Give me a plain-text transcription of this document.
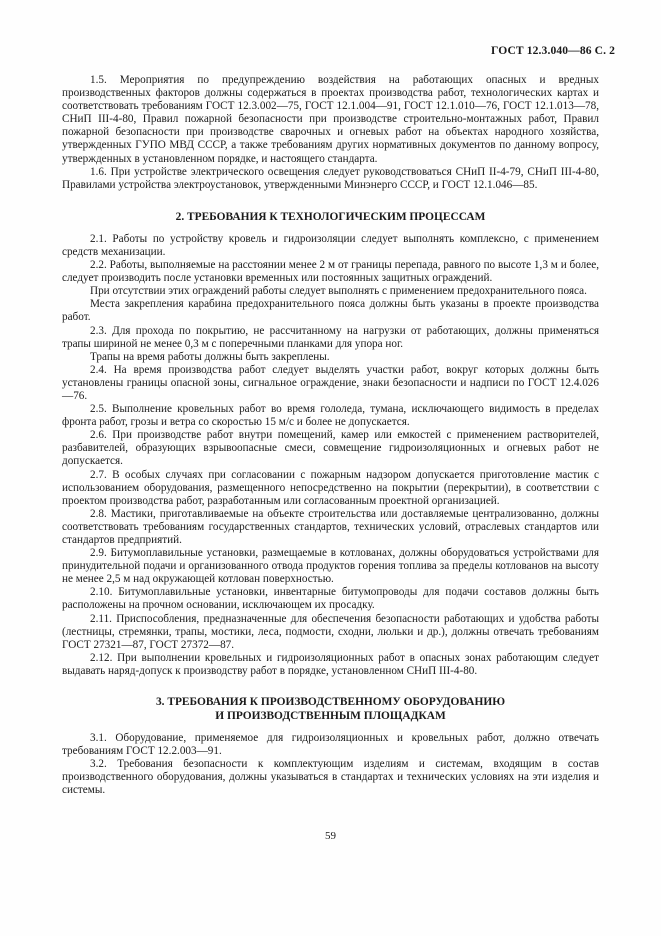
ГОСТ 12.3.040—86 С. 2

1.5. Мероприятия по предупреждению воздействия на работающих опасных и вредных производственных факторов должны содержаться в проектах производства работ, технологических картах и соответствовать требованиям ГОСТ 12.3.002—75, ГОСТ 12.1.004—91, ГОСТ 12.1.010—76, ГОСТ 12.1.013—78, СНиП III-4-80, Правил пожарной безопасности при производстве строительно-монтажных работ, Правил пожарной безопасности при производстве сварочных и огневых работ на объектах народного хозяйства, утвержденных ГУПО МВД СССР, а также требованиям других нормативных документов по данному вопросу, утвержденных в установленном порядке, и настоящего стандарта.

1.6. При устройстве электрического освещения следует руководствоваться СНиП II-4-79, СНиП III-4-80, Правилами устройства электроустановок, утвержденными Минэнерго СССР, и ГОСТ 12.1.046—85.

2. ТРЕБОВАНИЯ К ТЕХНОЛОГИЧЕСКИМ ПРОЦЕССАМ

2.1. Работы по устройству кровель и гидроизоляции следует выполнять комплексно, с применением средств механизации.

2.2. Работы, выполняемые на расстоянии менее 2 м от границы перепада, равного по высоте 1,3 м и более, следует производить после установки временных или постоянных защитных ограждений.

При отсутствии этих ограждений работы следует выполнять с применением предохранительного пояса.

Места закрепления карабина предохранительного пояса должны быть указаны в проекте производства работ.

2.3. Для прохода по покрытию, не рассчитанному на нагрузки от работающих, должны применяться трапы шириной не менее 0,3 м с поперечными планками для упора ног.

Трапы на время работы должны быть закреплены.

2.4. На время производства работ следует выделять участки работ, вокруг которых должны быть установлены границы опасной зоны, сигнальное ограждение, знаки безопасности и надписи по ГОСТ 12.4.026—76.

2.5. Выполнение кровельных работ во время гололеда, тумана, исключающего видимость в пределах фронта работ, грозы и ветра со скоростью 15 м/с и более не допускается.

2.6. При производстве работ внутри помещений, камер или емкостей с применением растворителей, разбавителей, образующих взрывоопасные смеси, совмещение гидроизоляционных и огневых работ не допускается.

2.7. В особых случаях при согласовании с пожарным надзором допускается приготовление мастик с использованием оборудования, размещенного непосредственно на покрытии (перекрытии), в соответствии с проектом производства работ, разработанным или согласованным проектной организацией.

2.8. Мастики, приготавливаемые на объекте строительства или доставляемые централизованно, должны соответствовать требованиям государственных стандартов, технических условий, отраслевых стандартов или стандартов предприятий.

2.9. Битумоплавильные установки, размещаемые в котлованах, должны оборудоваться устройствами для принудительной подачи и организованного отвода продуктов горения топлива за пределы котлованов на высоту не менее 2,5 м над окружающей котлован поверхностью.

2.10. Битумоплавильные установки, инвентарные битумопроводы для подачи составов должны быть расположены на прочном основании, исключающем их просадку.

2.11. Приспособления, предназначенные для обеспечения безопасности работающих и удобства работы (лестницы, стремянки, трапы, мостики, леса, подмости, сходни, люльки и др.), должны отвечать требованиям ГОСТ 27321—87, ГОСТ 27372—87.

2.12. При выполнении кровельных и гидроизоляционных работ в опасных зонах работающим следует выдавать наряд-допуск к производству работ в порядке, установленном СНиП III-4-80.

3. ТРЕБОВАНИЯ К ПРОИЗВОДСТВЕННОМУ ОБОРУДОВАНИЮ
И ПРОИЗВОДСТВЕННЫМ ПЛОЩАДКАМ

3.1. Оборудование, применяемое для гидроизоляционных и кровельных работ, должно отвечать требованиям ГОСТ 12.2.003—91.

3.2. Требования безопасности к комплектующим изделиям и системам, входящим в состав производственного оборудования, должны указываться в стандартах и технических условиях на эти изделия и системы.

59
